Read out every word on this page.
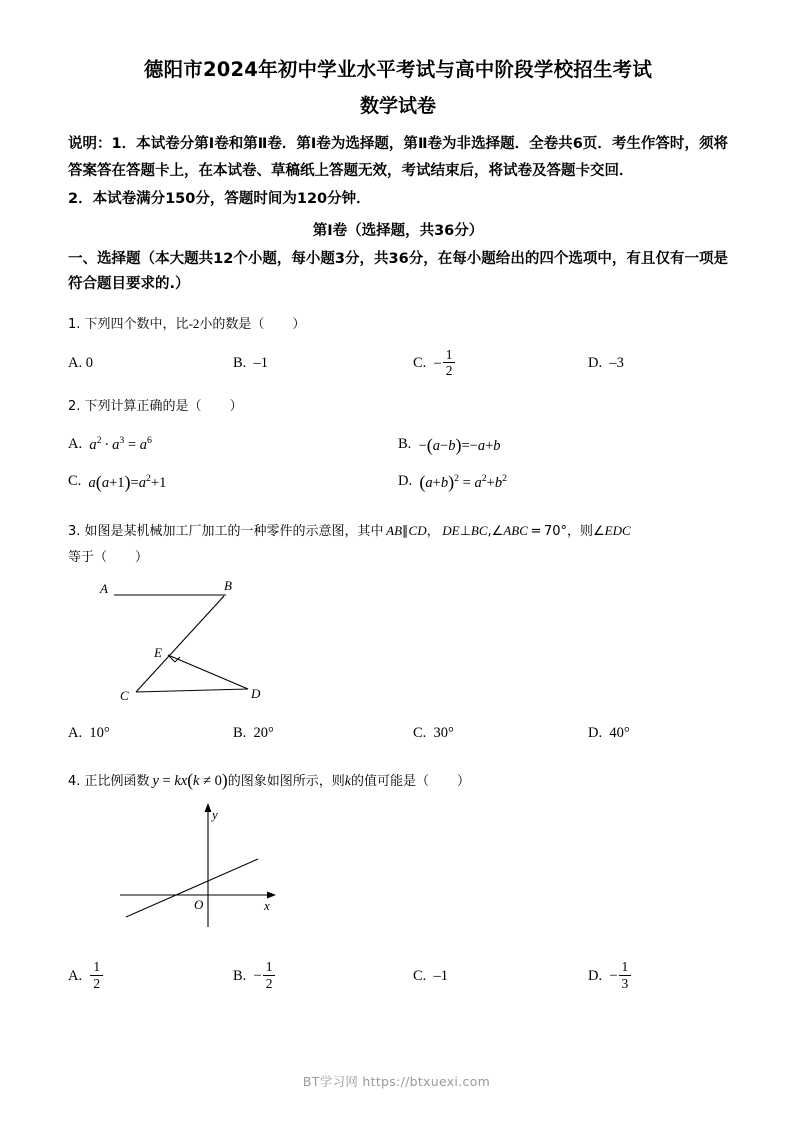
德阳市2024年初中学业水平考试与高中阶段学校招生考试
数学试卷
说明：1．本试卷分第Ⅰ卷和第Ⅱ卷．第Ⅰ卷为选择题，第Ⅱ卷为非选择题．全卷共6页．考生作答时，须将答案答在答题卡上，在本试卷、草稿纸上答题无效，考试结束后，将试卷及答题卡交回．
2．本试卷满分150分，答题时间为120分钟．
第Ⅰ卷（选择题，共36分）
一、选择题（本大题共12个小题，每小题3分，共36分，在每小题给出的四个选项中，有且仅有一项是符合题目要求的.）
1. 下列四个数中，比-2小的数是（ ）
A.
0	B.
–1	C.
− $\frac{1}{2}$	D.
–3
2. 下列计算正确的是（ ）
A.
$a^2 \cdot a^3 = a^6$	B.
−(a−b)=−a+b
C.
$a(a+1)=a^2+1$	D.
$(a+b)^2 = a^2+b^2$
3. 如图是某机械加工厂加工的一种零件的示意图，其中 AB∥CD， DE⊥BC,∠ABC = 70°，则∠EDC
等于（ ）
A	B
E
C	D
A.
10°	B.
20°	C.
30°	D.
40°
4. 正比例函数  y = kx(k ≠ 0)的图象如图所示，则k的值可能是（ ）
y
O	x
A.
$\frac{1}{2}$	B.
− $\frac{1}{2}$	C.
–1	D.
− $\frac{1}{3}$
BT学习网 https://btxuexi.com
